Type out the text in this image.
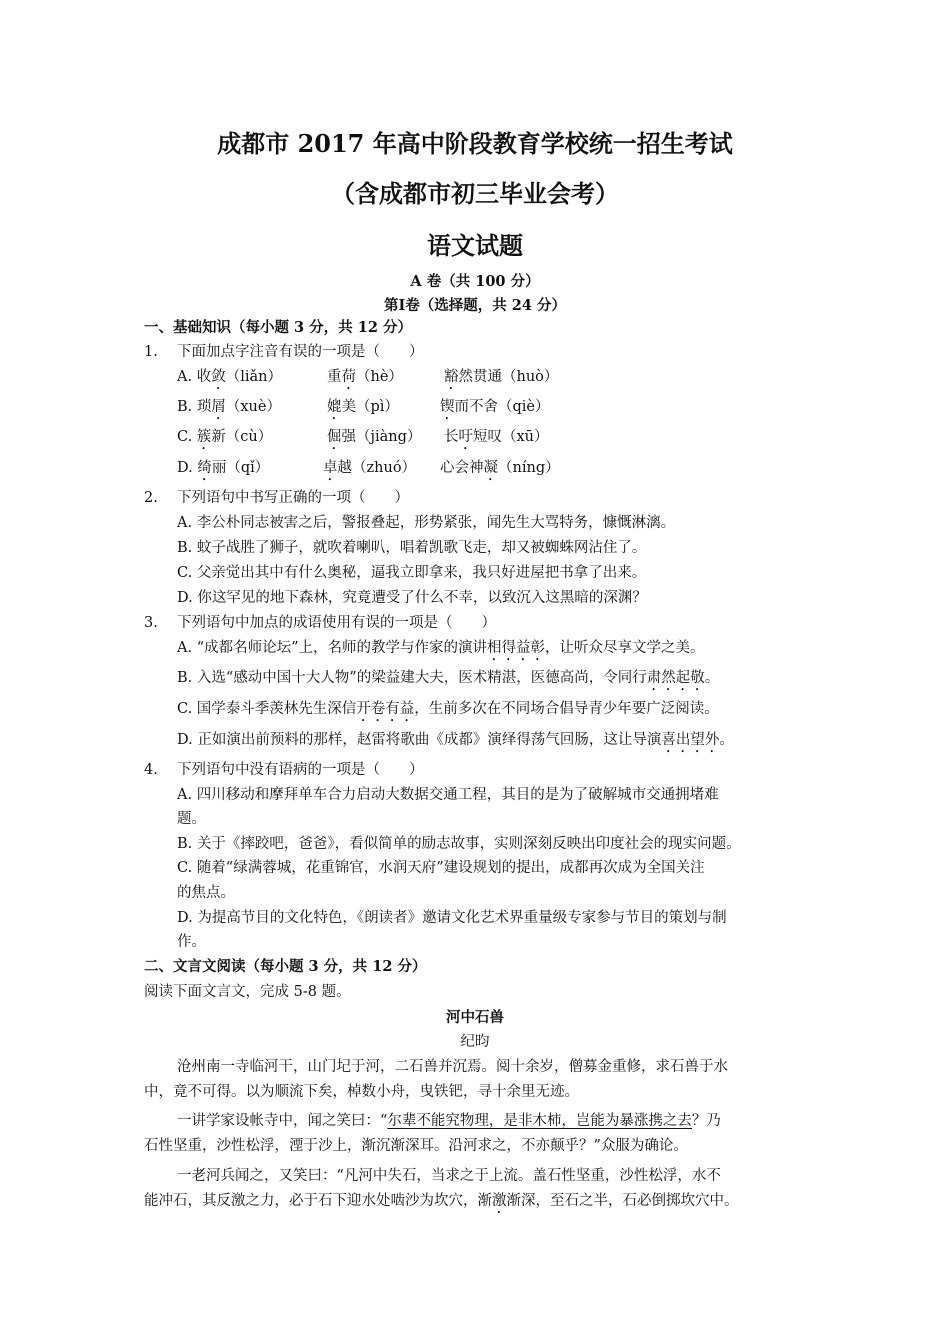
成都市 2017 年高中阶段教育学校统一招生考试
（含成都市初三毕业会考）
语文试题
A 卷（共 100 分）
第Ⅰ卷（选择题，共 24 分）
一、基础知识（每小题 3 分，共 12 分）
1. 下面加点字注音有误的一项是（　　）
A. 收敛（liǎn）	重荷（hè）	豁然贯通（huò）
B. 琐屑（xuè）	媲美（pì）	锲而不舍（qiè）
C. 簇新（cù）	倔强（jiàng） 长吁短叹（xū）
D. 绮丽（qǐ）	卓越（zhuó） 心会神凝（níng）
2. 下列语句中书写正确的一项（　　）
A. 李公朴同志被害之后，警报叠起，形势紧张，闻先生大骂特务，慷慨淋漓。
B. 蚊子战胜了狮子，就吹着喇叭，唱着凯歌飞走，却又被蜘蛛网沾住了。
C. 父亲觉出其中有什么奥秘，逼我立即拿来，我只好进屋把书拿了出来。
D. 你这罕见的地下森林，究竟遭受了什么不幸，以致沉入这黑暗的深渊？
3. 下列语句中加点的成语使用有误的一项是（　　）
A. “成都名师论坛”上，名师的教学与作家的演讲相得益彰，让听众尽享文学之美。
B. 入选“感动中国十大人物”的梁益建大夫，医术精湛，医德高尚，令同行肃然起敬。
C. 国学泰斗季羡林先生深信开卷有益，生前多次在不同场合倡导青少年要广泛阅读。
D. 正如演出前预料的那样，赵雷将歌曲《成都》演绎得荡气回肠，这让导演喜出望外。
4. 下列语句中没有语病的一项是（　　）
A. 四川移动和摩拜单车合力启动大数据交通工程，其目的是为了破解城市交通拥堵难
题。
B. 关于《摔跤吧，爸爸》，看似简单的励志故事，实则深刻反映出印度社会的现实问题。
C. 随着“绿满蓉城，花重锦官，水润天府”建设规划的提出，成都再次成为全国关注
的焦点。
D. 为提高节目的文化特色，《朗读者》邀请文化艺术界重量级专家参与节目的策划与制
作。
二、文言文阅读（每小题 3 分，共 12 分）
阅读下面文言文，完成 5-8 题。
河中石兽
纪昀
沧州南一寺临河干，山门圮于河，二石兽并沉焉。阅十余岁，僧募金重修，求石兽于水
中，竟不可得。以为顺流下矣，棹数小舟，曳铁钯，寻十余里无迹。
一讲学家设帐寺中，闻之笑曰：“尔辈不能究物理，是非木柿，岂能为暴涨携之去？乃
石性坚重，沙性松浮，湮于沙上，渐沉渐深耳。沿河求之，不亦颠乎？”众服为确论。
一老河兵闻之，又笑曰：“凡河中失石，当求之于上流。盖石性坚重，沙性松浮，水不
能冲石，其反激之力，必于石下迎水处啮沙为坎穴，渐激渐深，至石之半，石必倒掷坎穴中。
